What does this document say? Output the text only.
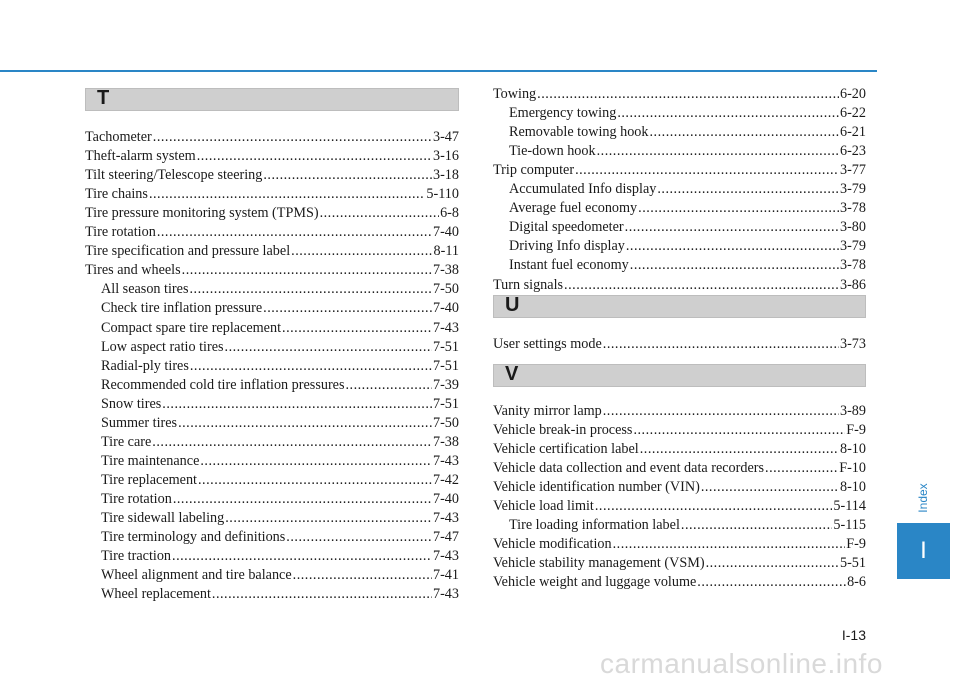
T
Tachometer .....	3-47
Theft-alarm system .....	3-16
Tilt steering/Telescope steering .....	3-18
Tire chains .....	5-110
Tire pressure monitoring system (TPMS) .....	6-8
Tire rotation .....	7-40
Tire specification and pressure label .....	8-11
Tires and wheels .....	7-38
All season tires .....	7-50
Check tire inflation pressure .....	7-40
Compact spare tire replacement .....	7-43
Low aspect ratio tires .....	7-51
Radial-ply tires .....	7-51
Recommended cold tire inflation pressures .....	7-39
Snow tires .....	7-51
Summer tires .....	7-50
Tire care .....	7-38
Tire maintenance .....	7-43
Tire replacement .....	7-42
Tire rotation .....	7-40
Tire sidewall labeling .....	7-43
Tire terminology and definitions .....	7-47
Tire traction .....	7-43
Wheel alignment and tire balance .....	7-41
Wheel replacement .....	7-43
Towing .....	6-20
Emergency towing .....	6-22
Removable towing hook .....	6-21
Tie-down hook .....	6-23
Trip computer .....	3-77
Accumulated Info display .....	3-79
Average fuel economy .....	3-78
Digital speedometer .....	3-80
Driving Info display .....	3-79
Instant fuel economy .....	3-78
Turn signals .....	3-86
U
User settings mode .....	3-73
V
Vanity mirror lamp .....	3-89
Vehicle break-in process .....	F-9
Vehicle certification label .....	8-10
Vehicle data collection and event data recorders .....	F-10
Vehicle identification number (VIN) .....	8-10
Vehicle load limit .....	5-114
Tire loading information label .....	5-115
Vehicle modification .....	F-9
Vehicle stability management (VSM) .....	5-51
Vehicle weight and luggage volume .....	8-6
Index
I
I-13
carmanualsonline.info
